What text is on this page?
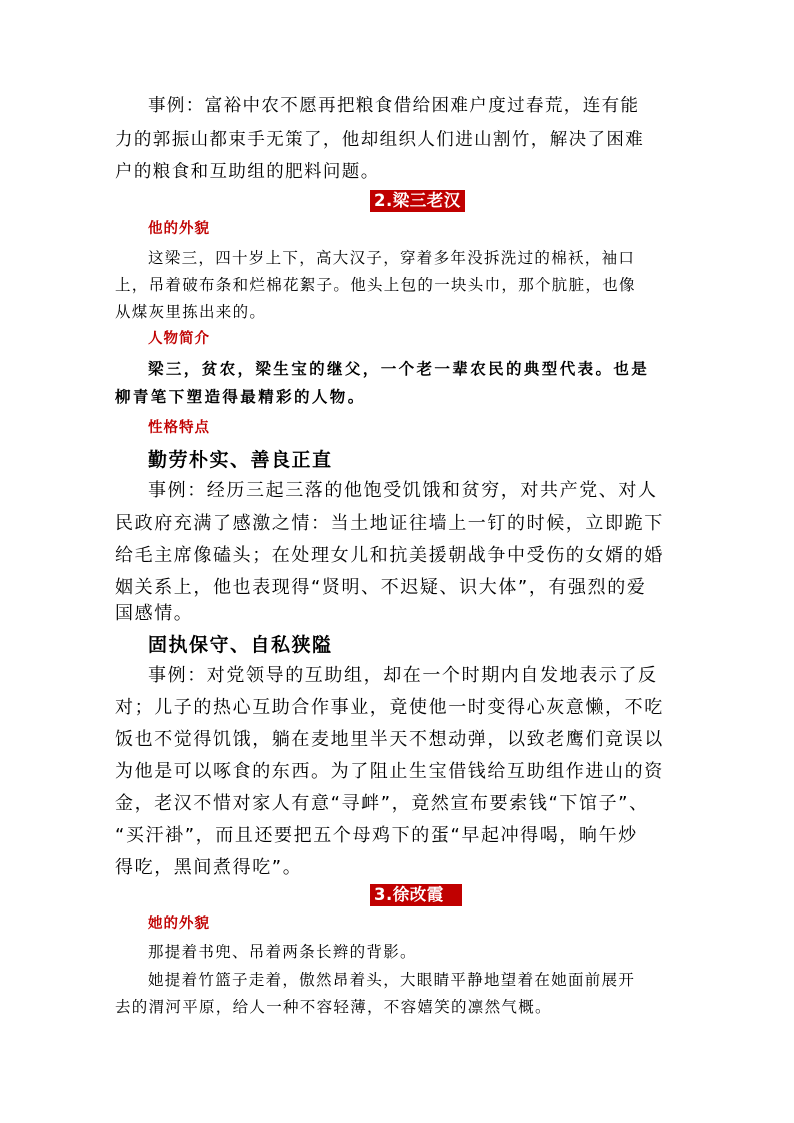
事例：富裕中农不愿再把粮食借给困难户度过春荒，连有能
力的郭振山都束手无策了，他却组织人们进山割竹，解决了困难
户的粮食和互助组的肥料问题。
2.梁三老汉
他的外貌
这梁三，四十岁上下，高大汉子，穿着多年没拆洗过的棉袄，袖口
上，吊着破布条和烂棉花絮子。他头上包的一块头巾，那个肮脏，也像
从煤灰里拣出来的。
人物简介
梁三，贫农，梁生宝的继父，一个老一辈农民的典型代表。也是
柳青笔下塑造得最精彩的人物。
性格特点
勤劳朴实、善良正直
事例：经历三起三落的他饱受饥饿和贫穷，对共产党、对人
民政府充满了感激之情：当土地证往墙上一钉的时候，立即跪下
给毛主席像磕头；在处理女儿和抗美援朝战争中受伤的女婿的婚
姻关系上，他也表现得“贤明、不迟疑、识大体”，有强烈的爱
国感情。
固执保守、自私狭隘
事例：对党领导的互助组，却在一个时期内自发地表示了反
对；儿子的热心互助合作事业，竟使他一时变得心灰意懒，不吃
饭也不觉得饥饿，躺在麦地里半天不想动弹，以致老鹰们竟误以
为他是可以啄食的东西。为了阻止生宝借钱给互助组作进山的资
金，老汉不惜对家人有意“寻衅”，竟然宣布要索钱“下馆子”、
“买汗褂”，而且还要把五个母鸡下的蛋“早起冲得喝，晌午炒
得吃，黑间煮得吃”。
3.徐改霞
她的外貌
那提着书兜、吊着两条长辫的背影。
她提着竹篮子走着，傲然昂着头，大眼睛平静地望着在她面前展开
去的渭河平原，给人一种不容轻薄，不容嬉笑的凛然气概。
